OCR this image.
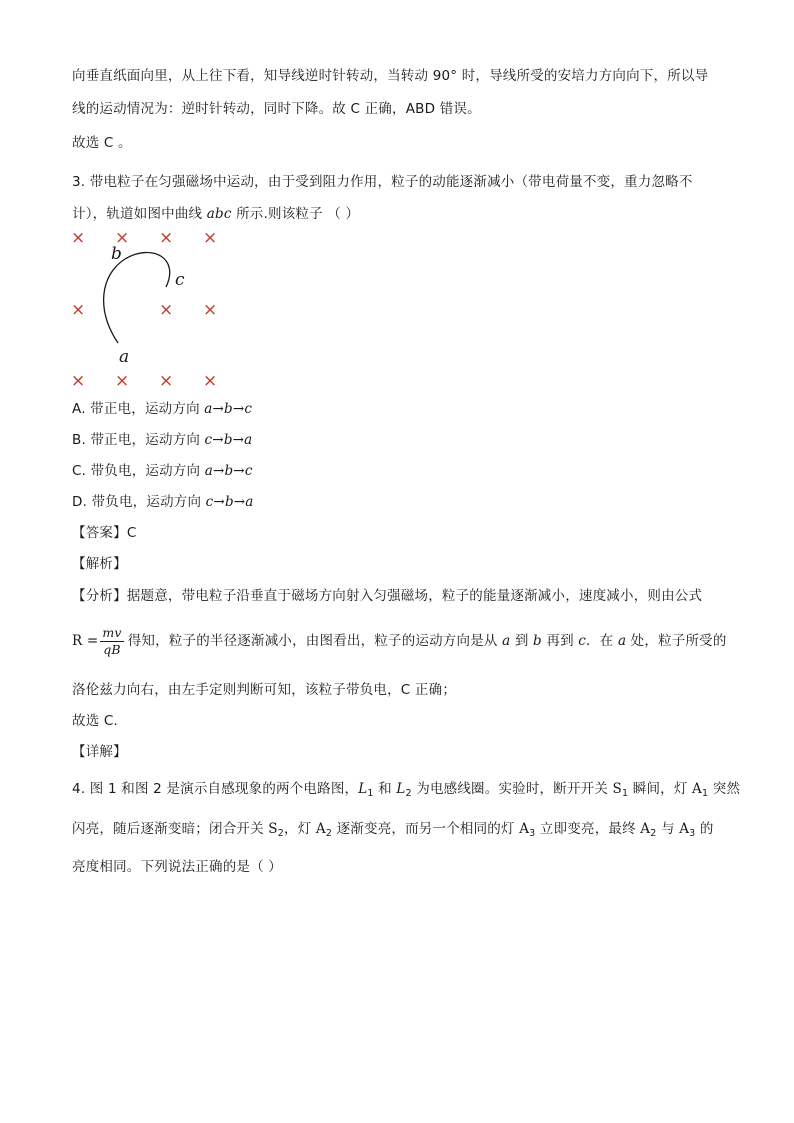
向垂直纸面向里，从上往下看，知导线逆时针转动，当转动 90° 时，导线所受的安培力方向向下，所以导
线的运动情况为：逆时针转动，同时下降。故 C 正确，ABD 错误。
故选 C 。
3. 带电粒子在匀强磁场中运动，由于受到阻力作用，粒子的动能逐渐减小（带电荷量不变，重力忽略不
计），轨道如图中曲线 abc 所示.则该粒子 （ ）
× × × ×
×	× ×
× × × ×
b
c
a
A. 带正电，运动方向 a→b→c
B. 带正电，运动方向 c→b→a
C. 带负电，运动方向 a→b→c
D. 带负电，运动方向 c→b→a
【答案】C
【解析】
【分析】据题意，带电粒子沿垂直于磁场方向射入匀强磁场，粒子的能量逐渐减小，速度减小，则由公式
$R = \frac{mv}{qB}$ 得知，粒子的半径逐渐减小，由图看出，粒子的运动方向是从 a 到 b 再到 c．在 a 处，粒子所受的
洛伦兹力向右，由左手定则判断可知，该粒子带负电，C 正确；
故选 C．
【详解】
4. 图 1 和图 2 是演示自感现象的两个电路图，$L_1$ 和 $L_2$ 为电感线圈。实验时，断开开关 $S_1$ 瞬间，灯 $A_1$ 突然
闪亮，随后逐渐变暗；闭合开关 $S_2$，灯 $A_2$ 逐渐变亮，而另一个相同的灯 $A_3$ 立即变亮，最终 $A_2$ 与 $A_3$ 的
亮度相同。下列说法正确的是（ ）
